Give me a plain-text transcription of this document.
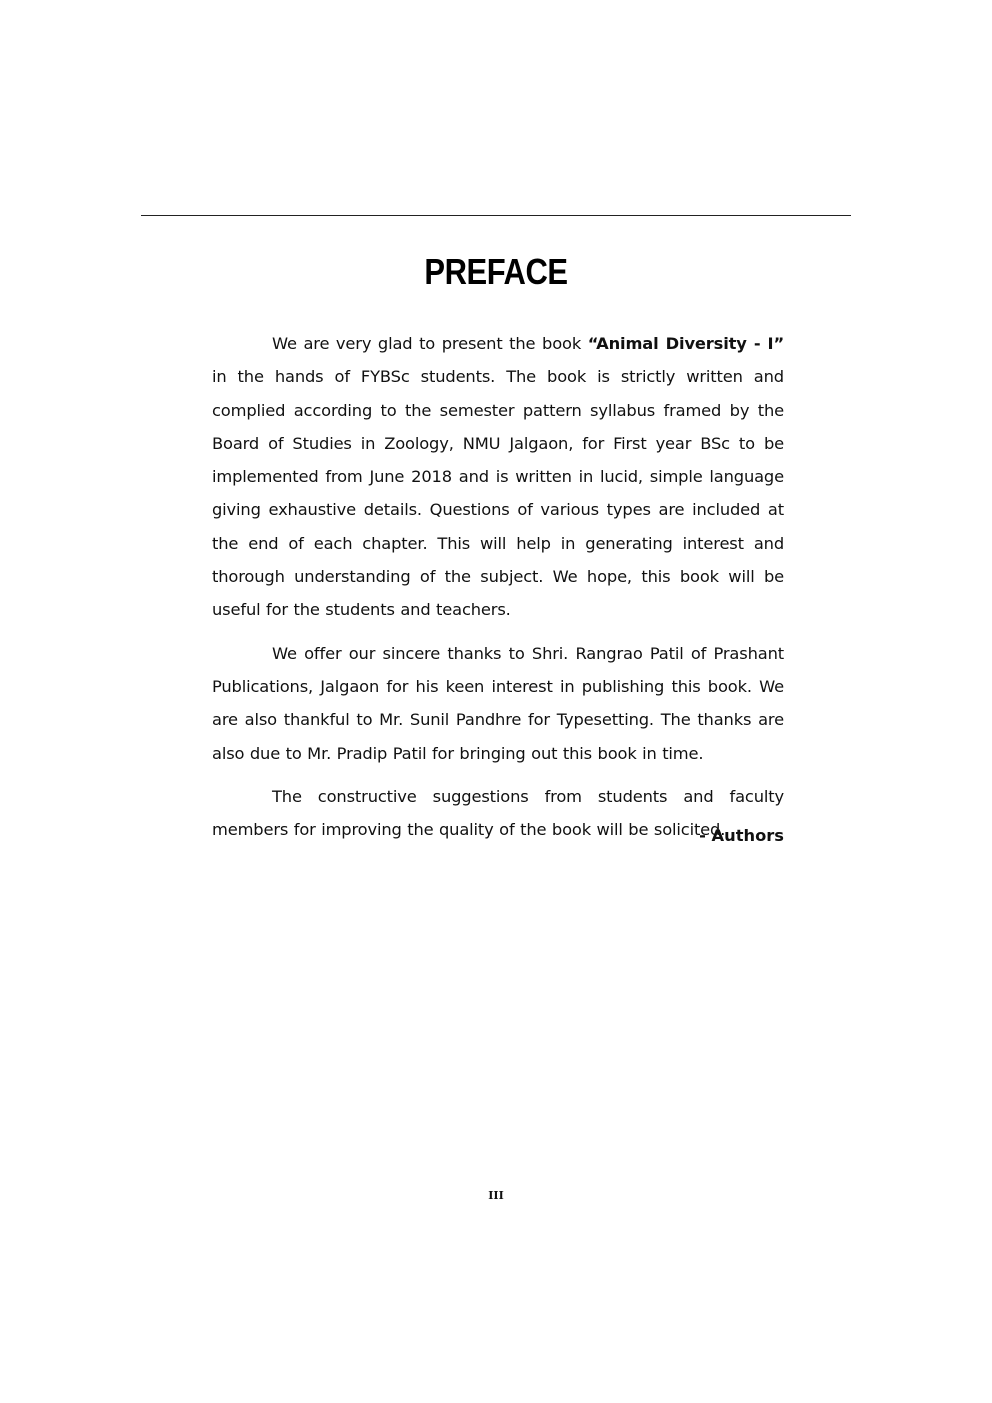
PREFACE

We are very glad to present the book “Animal Diversity - I” in the hands of FYBSc students. The book is strictly written and complied according to the semester pattern syllabus framed by the Board of Studies in Zoology, NMU Jalgaon, for First year BSc to be implemented from June 2018 and is written in lucid, simple language giving exhaustive details. Questions of various types are included at the end of each chapter. This will help in generating interest and thorough understanding of the subject. We hope, this book will be useful for the students and teachers.

We offer our sincere thanks to Shri. Rangrao Patil of Prashant Publications, Jalgaon for his keen interest in publishing this book. We are also thankful to Mr. Sunil Pandhre for Typesetting. The thanks are also due to Mr. Pradip Patil for bringing out this book in time.

The constructive suggestions from students and faculty members for improving the quality of the book will be solicited.

- Authors
III
